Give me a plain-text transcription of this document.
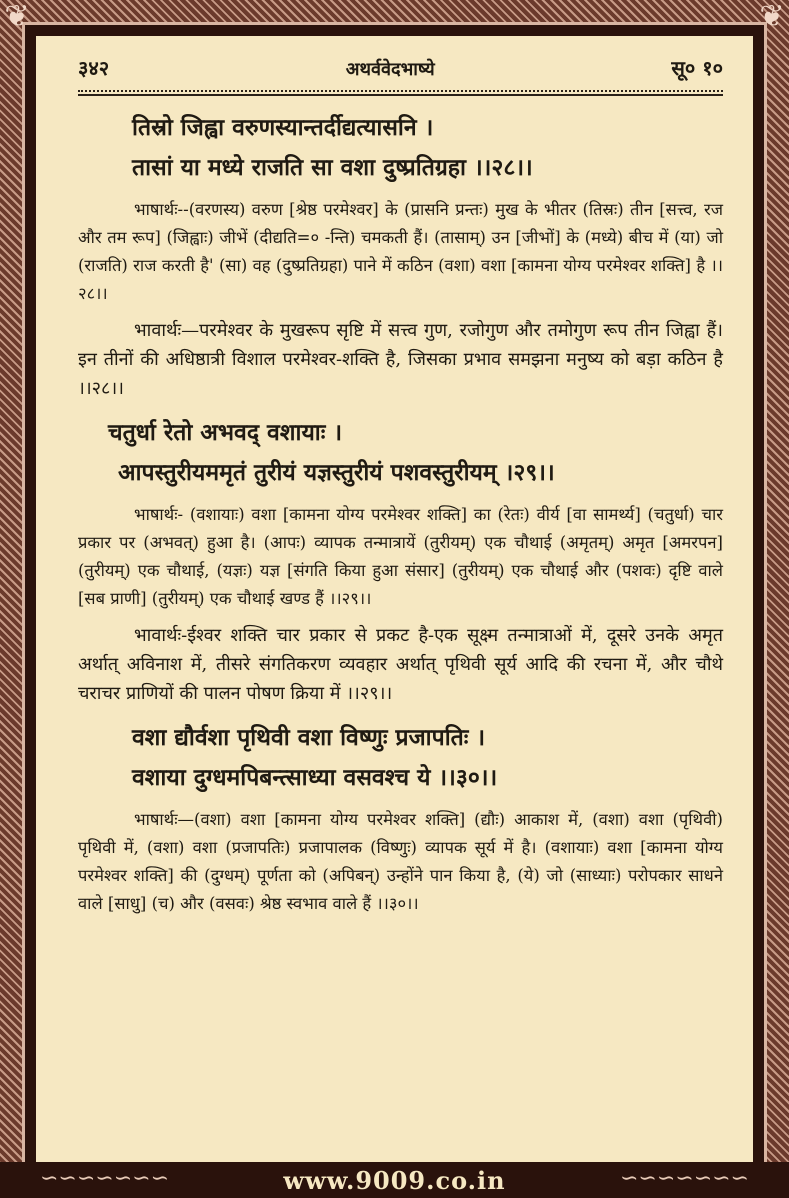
❦	❦
३४२	अथर्ववेदभाष्ये	सू० १०
तिस्रो जिह्वा वरुणस्यान्तर्दीद्यत्यासनि ।
तासां या मध्ये राजति सा वशा दुष्प्रतिग्रहा ।।२८।।

भाषार्थः--(वरणस्य) वरुण [श्रेष्ठ परमेश्वर] के (प्रासनि प्रन्तः) मुख के भीतर (तिस्रः) तीन [सत्त्व, रज और तम रूप] (जिह्वाः) जीभें (दीद्यति=० -न्ति) चमकती हैं। (तासाम्) उन [जीभों] के (मध्ये) बीच में (या) जो (राजति) राज करती है' (सा) वह (दुष्प्रतिग्रहा) पाने में कठिन (वशा) वशा [कामना योग्य परमेश्वर शक्ति] है ।।२८।।

भावार्थः—परमेश्वर के मुखरूप सृष्टि में सत्त्व गुण, रजोगुण और तमोगुण रूप तीन जिह्वा हैं। इन तीनों की अधिष्ठात्री विशाल परमेश्वर-शक्ति है, जिसका प्रभाव समझना मनुष्य को बड़ा कठिन है ।।२८।।

चतुर्धा रेतो अभवद् वशायाः ।
आपस्तुरीयममृतं तुरीयं यज्ञस्तुरीयं पशवस्तुरीयम् ।२९।।

भाषार्थः- (वशायाः) वशा [कामना योग्य परमेश्वर शक्ति] का (रेतः) वीर्य [वा सामर्थ्य] (चतुर्धा) चार प्रकार पर (अभवत्) हुआ है। (आपः) व्यापक तन्मात्रायें (तुरीयम्) एक चौथाई (अमृतम्) अमृत [अमरपन] (तुरीयम्) एक चौथाई, (यज्ञः) यज्ञ [संगति किया हुआ संसार] (तुरीयम्) एक चौथाई और (पशवः) दृष्टि वाले [सब प्राणी] (तुरीयम्) एक चौथाई खण्ड हैं ।।२९।।

भावार्थः-ईश्वर शक्ति चार प्रकार से प्रकट है-एक सूक्ष्म तन्मात्राओं में, दूसरे उनके अमृत अर्थात् अविनाश में, तीसरे संगतिकरण व्यवहार अर्थात् पृथिवी सूर्य आदि की रचना में, और चौथे चराचर प्राणियों की पालन पोषण क्रिया में ।।२९।।

वशा द्यौर्वशा पृथिवी वशा विष्णुः प्रजापतिः ।
वशाया दुग्धमपिबन्त्साध्या वसवश्च ये ।।३०।।

भाषार्थः—(वशा) वशा [कामना योग्य परमेश्वर शक्ति] (द्यौः) आकाश में, (वशा) वशा (पृथिवी) पृथिवी में, (वशा) वशा (प्रजापतिः) प्रजापालक (विष्णुः) व्यापक सूर्य में है। (वशायाः) वशा [कामना योग्य परमेश्वर शक्ति] की (दुग्धम्) पूर्णता को (अपिबन्) उन्होंने पान किया है, (ये) जो (साध्याः) परोपकार साधने वाले [साधु] (च) और (वसवः) श्रेष्ठ स्वभाव वाले हैं ।।३०।।

www.9009.co.in
∽∽∽∽∽∽∽	∽∽∽∽∽∽∽
